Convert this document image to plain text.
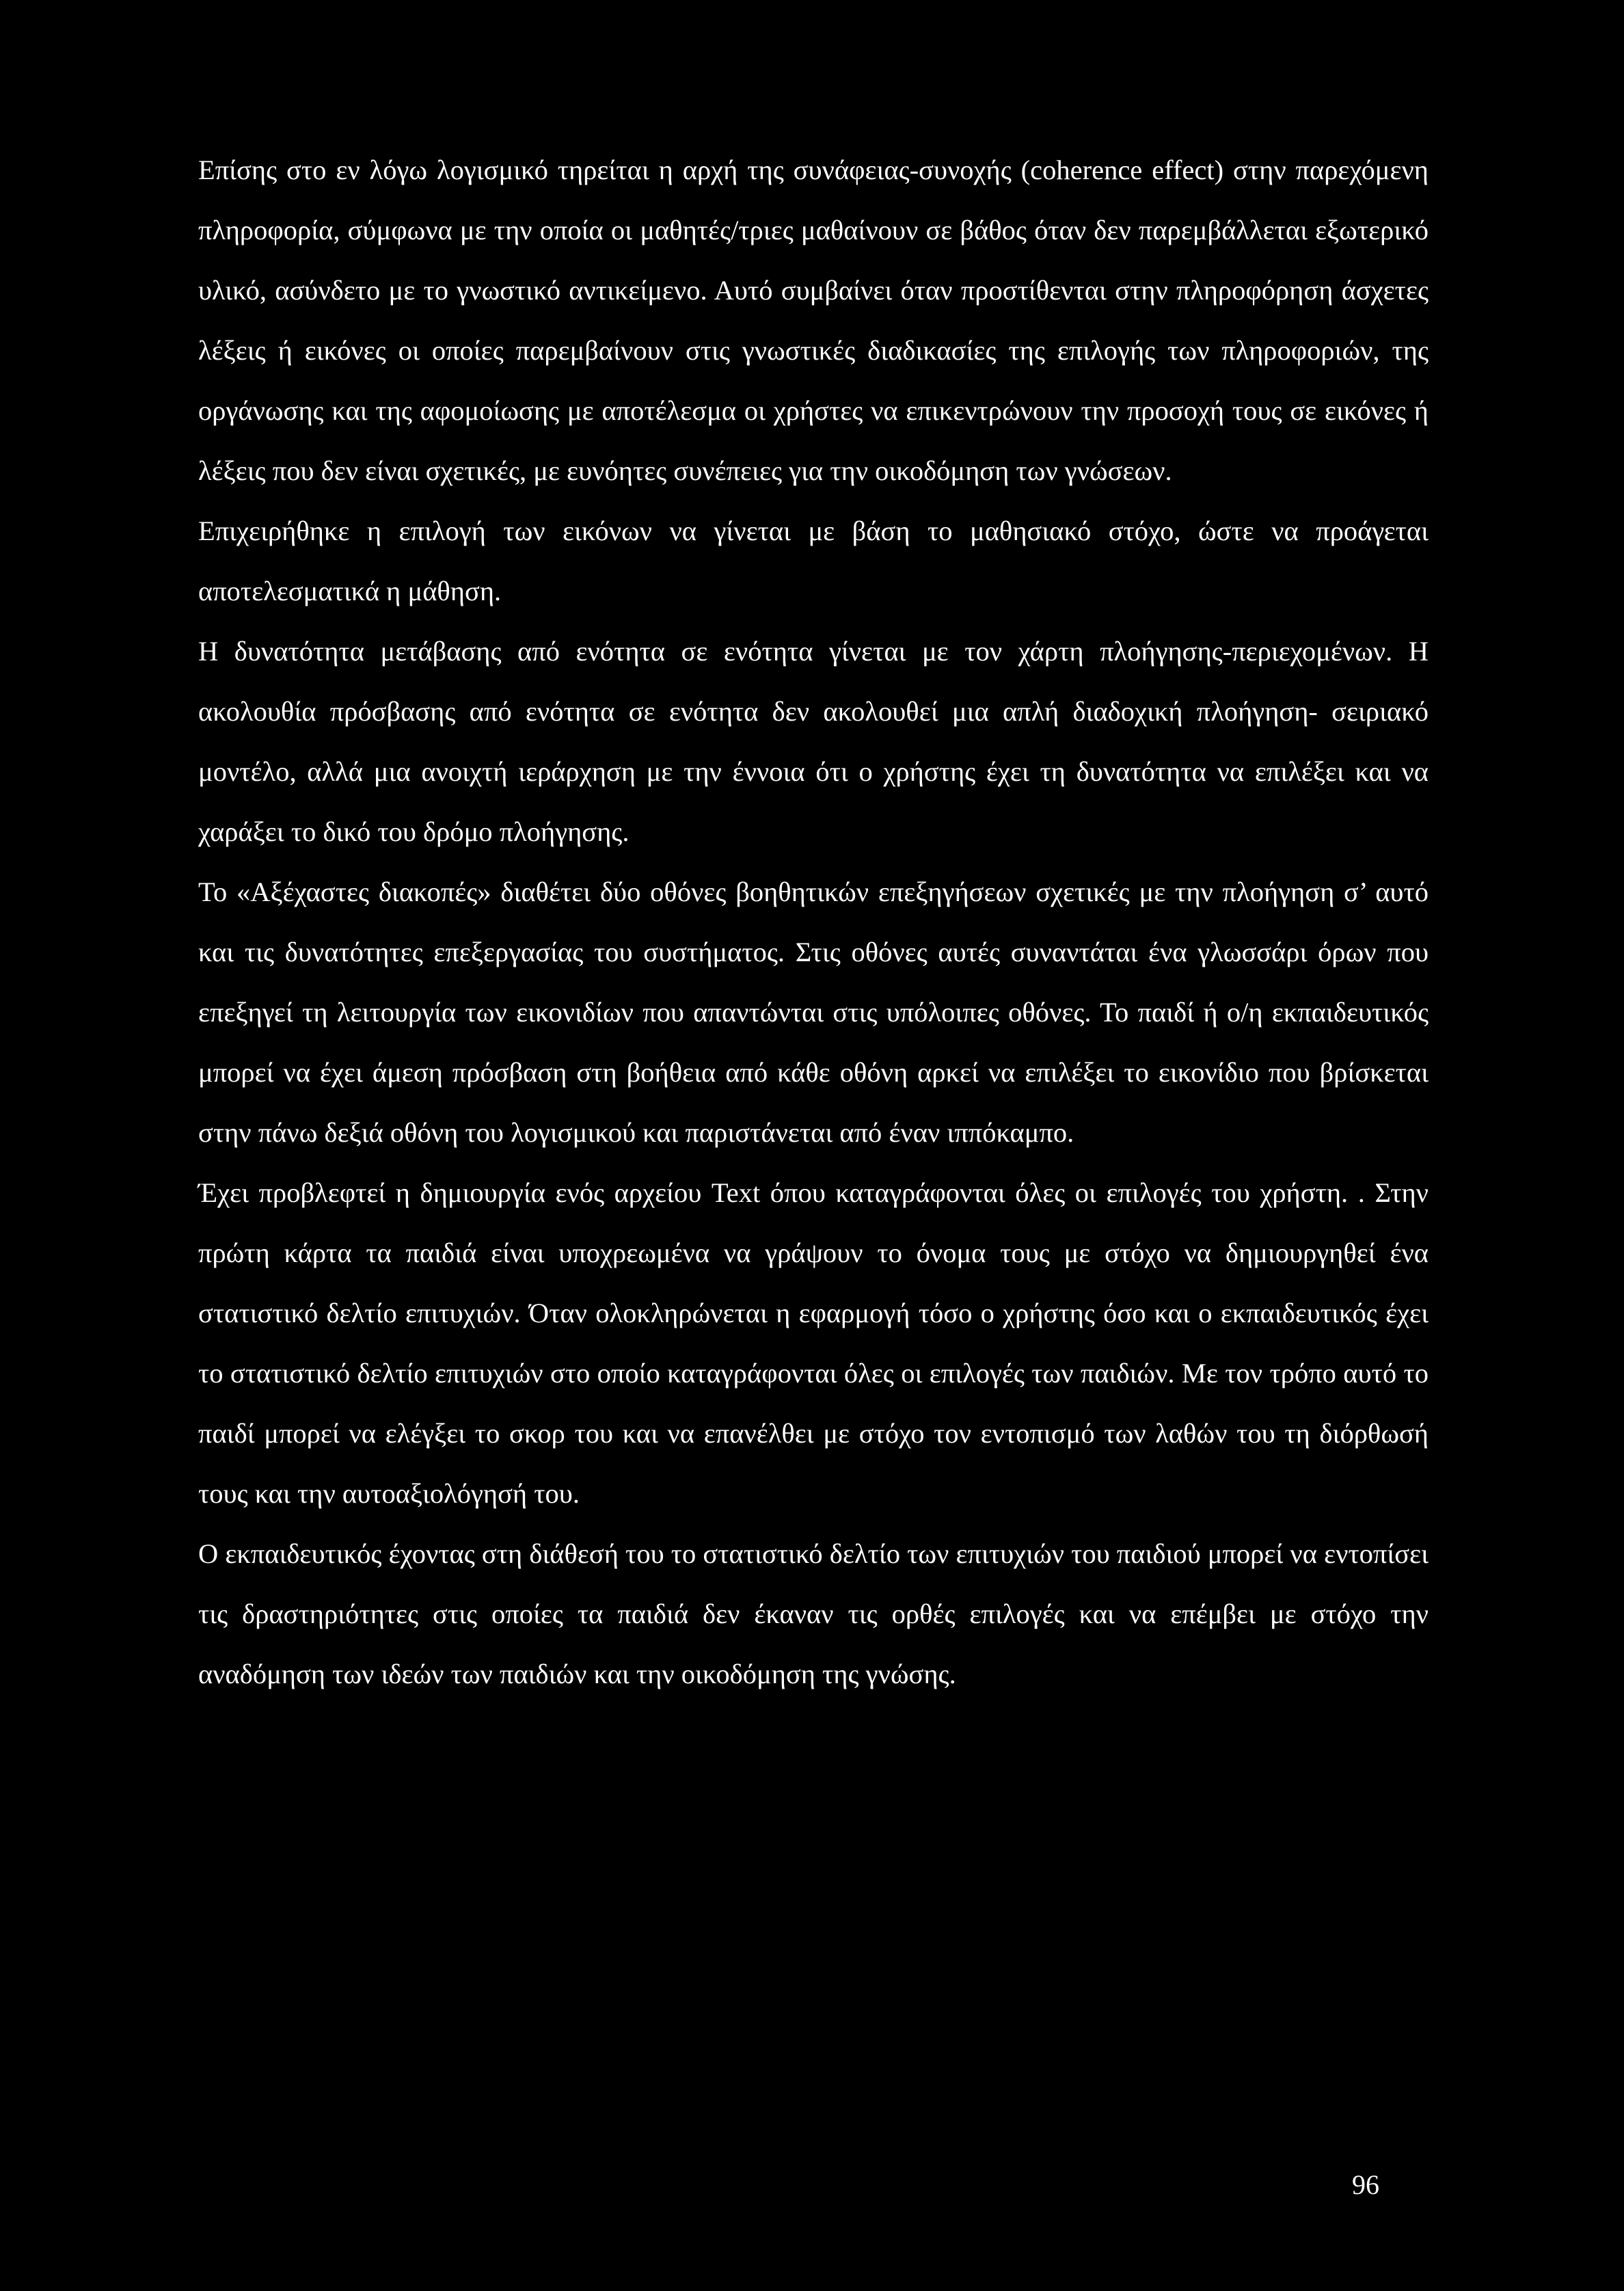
Επίσης στο εν λόγω λογισμικό τηρείται η αρχή της συνάφειας-συνοχής (coherence effect) στην παρεχόμενη πληροφορία, σύμφωνα με την οποία οι μαθητές/τριες μαθαίνουν σε βάθος όταν δεν παρεμβάλλεται εξωτερικό υλικό, ασύνδετο με το γνωστικό αντικείμενο. Αυτό συμβαίνει όταν προστίθενται στην πληροφόρηση άσχετες λέξεις ή εικόνες οι οποίες παρεμβαίνουν στις γνωστικές διαδικασίες της επιλογής των πληροφοριών, της οργάνωσης και της αφομοίωσης με αποτέλεσμα οι χρήστες να επικεντρώνουν την προσοχή τους σε εικόνες ή λέξεις που δεν είναι σχετικές, με ευνόητες συνέπειες για την οικοδόμηση των γνώσεων.

Επιχειρήθηκε η επιλογή των εικόνων να γίνεται με βάση το μαθησιακό στόχο, ώστε να προάγεται αποτελεσματικά η μάθηση.

Η δυνατότητα μετάβασης από ενότητα σε ενότητα γίνεται με τον χάρτη πλοήγησης-περιεχομένων. Η ακολουθία πρόσβασης από ενότητα σε ενότητα δεν ακολουθεί μια απλή διαδοχική πλοήγηση- σειριακό μοντέλο, αλλά μια ανοιχτή ιεράρχηση με την έννοια ότι ο χρήστης έχει τη δυνατότητα να επιλέξει και να χαράξει το δικό του δρόμο πλοήγησης.

Το «Αξέχαστες διακοπές» διαθέτει δύο οθόνες βοηθητικών επεξηγήσεων σχετικές με την πλοήγηση σ’ αυτό και τις δυνατότητες επεξεργασίας του συστήματος. Στις οθόνες αυτές συναντάται ένα γλωσσάρι όρων που επεξηγεί τη λειτουργία των εικονιδίων που απαντώνται στις υπόλοιπες οθόνες. Το παιδί ή ο/η εκπαιδευτικός μπορεί να έχει άμεση πρόσβαση στη βοήθεια από κάθε οθόνη αρκεί να επιλέξει το εικονίδιο που βρίσκεται στην πάνω δεξιά οθόνη του λογισμικού και παριστάνεται από έναν ιππόκαμπο.

Έχει προβλεφτεί η δημιουργία ενός αρχείου Text όπου καταγράφονται όλες οι επιλογές του χρήστη. . Στην πρώτη κάρτα τα παιδιά είναι υποχρεωμένα να γράψουν το όνομα τους με στόχο να δημιουργηθεί ένα στατιστικό δελτίο επιτυχιών. Όταν ολοκληρώνεται η εφαρμογή τόσο ο χρήστης όσο και ο εκπαιδευτικός έχει το στατιστικό δελτίο επιτυχιών στο οποίο καταγράφονται όλες οι επιλογές των παιδιών. Με τον τρόπο αυτό το παιδί μπορεί να ελέγξει το σκορ του και να επανέλθει με στόχο τον εντοπισμό των λαθών του τη διόρθωσή τους και την αυτοαξιολόγησή του.

Ο εκπαιδευτικός έχοντας στη διάθεσή του το στατιστικό δελτίο των επιτυχιών του παιδιού μπορεί να εντοπίσει τις δραστηριότητες στις οποίες τα παιδιά δεν έκαναν τις ορθές επιλογές και να επέμβει με στόχο την αναδόμηση των ιδεών των παιδιών και την οικοδόμηση της γνώσης.

96
